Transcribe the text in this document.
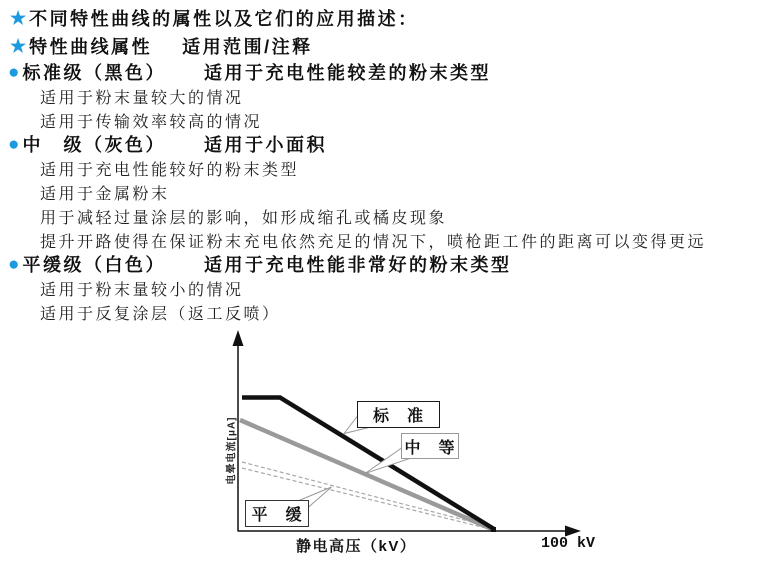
★ 不同特性曲线的属性以及它们的应用描述：
★ 特性曲线属性 适用范围/注释
● 标准级（黑色） 适用于充电性能较差的粉末类型
适用于粉末量较大的情况
适用于传输效率较高的情况
● 中　级（灰色） 适用于小面积
适用于充电性能较好的粉末类型
适用于金属粉末
用于减轻过量涂层的影响，如形成缩孔或橘皮现象
提升开路使得在保证粉末充电依然充足的情况下，喷枪距工件的距离可以变得更远
● 平缓级（白色） 适用于充电性能非常好的粉末类型
适用于粉末量较小的情况
适用于反复涂层（返工反喷）
标　准
中　等
平　缓
电晕电流[μA]
静电高压（kV）	100 kV
